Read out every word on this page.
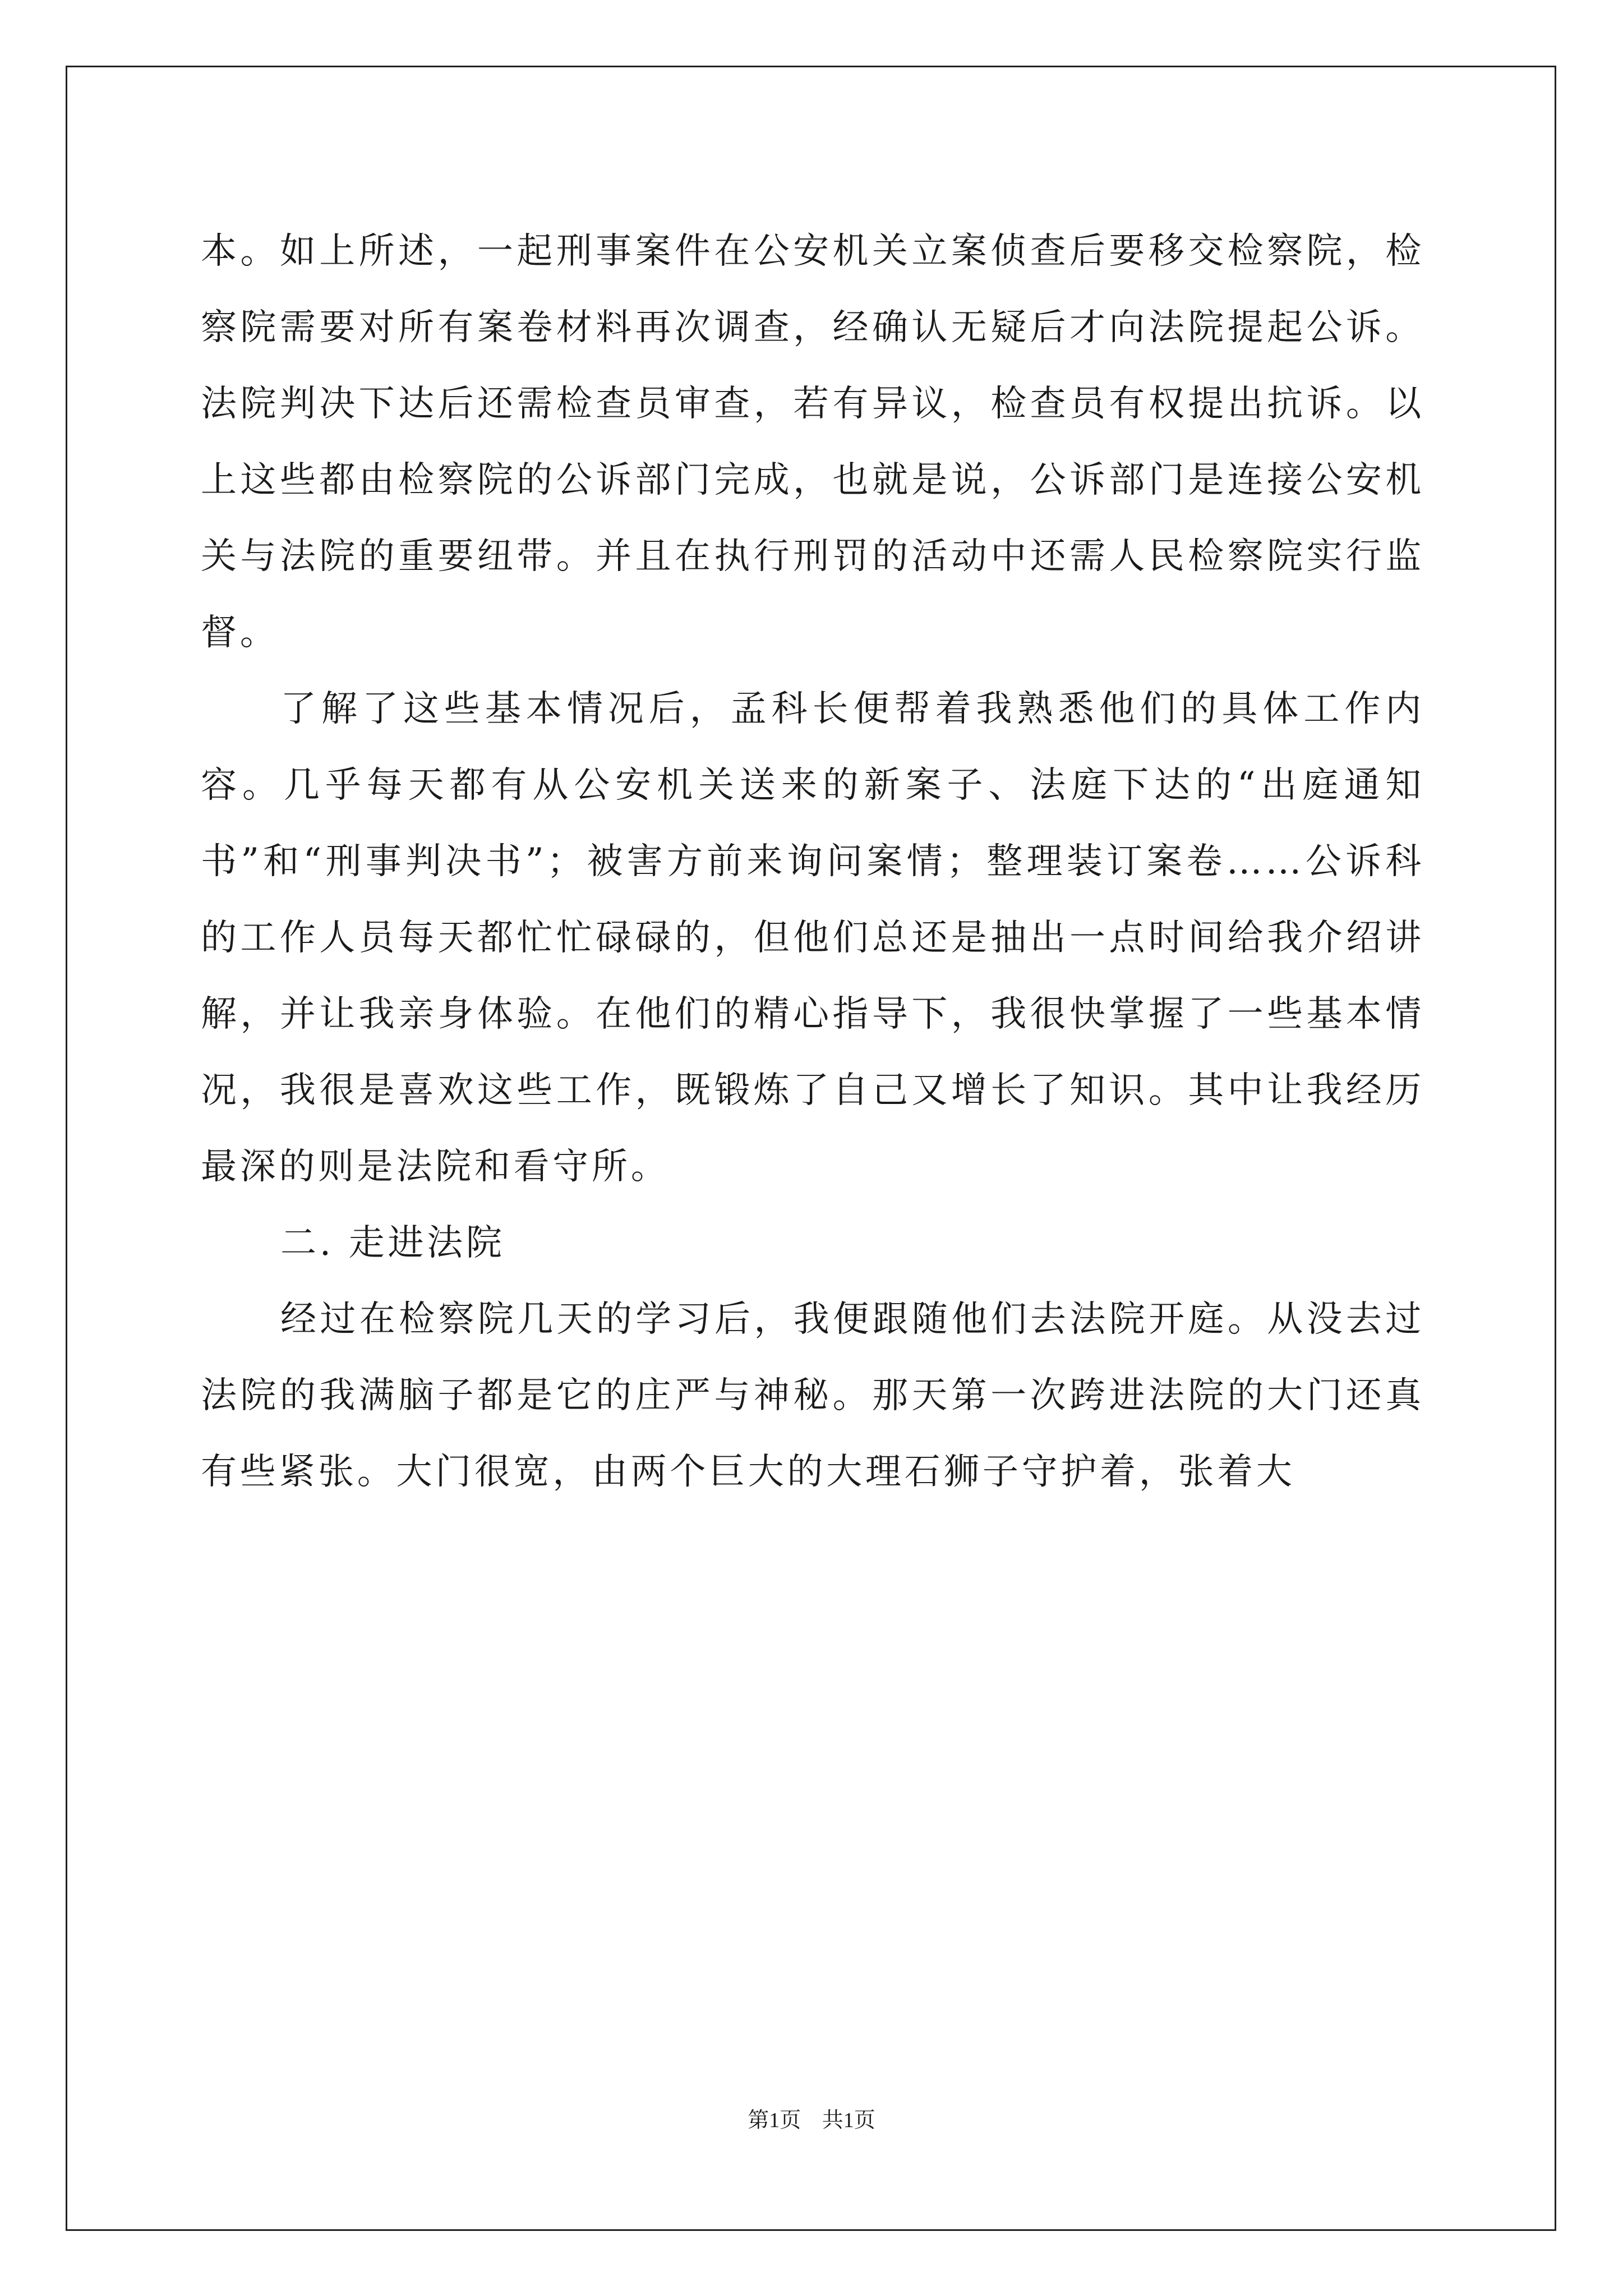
本。如上所述，一起刑事案件在公安机关立案侦查后要移交检察院，检察院需要对所有案卷材料再次调查，经确认无疑后才向法院提起公诉。法院判决下达后还需检查员审查，若有异议，检查员有权提出抗诉。以上这些都由检察院的公诉部门完成，也就是说，公诉部门是连接公安机关与法院的重要纽带。并且在执行刑罚的活动中还需人民检察院实行监督。

了解了这些基本情况后，孟科长便帮着我熟悉他们的具体工作内容。几乎每天都有从公安机关送来的新案子、法庭下达的“出庭通知书”和“刑事判决书”；被害方前来询问案情；整理装订案卷……公诉科的工作人员每天都忙忙碌碌的，但他们总还是抽出一点时间给我介绍讲解，并让我亲身体验。在他们的精心指导下，我很快掌握了一些基本情况，我很是喜欢这些工作，既锻炼了自己又增长了知识。其中让我经历最深的则是法院和看守所。

二. 走进法院

经过在检察院几天的学习后，我便跟随他们去法院开庭。从没去过法院的我满脑子都是它的庄严与神秘。那天第一次跨进法院的大门还真有些紧张。大门很宽，由两个巨大的大理石狮子守护着，张着大

第1页 共1页
